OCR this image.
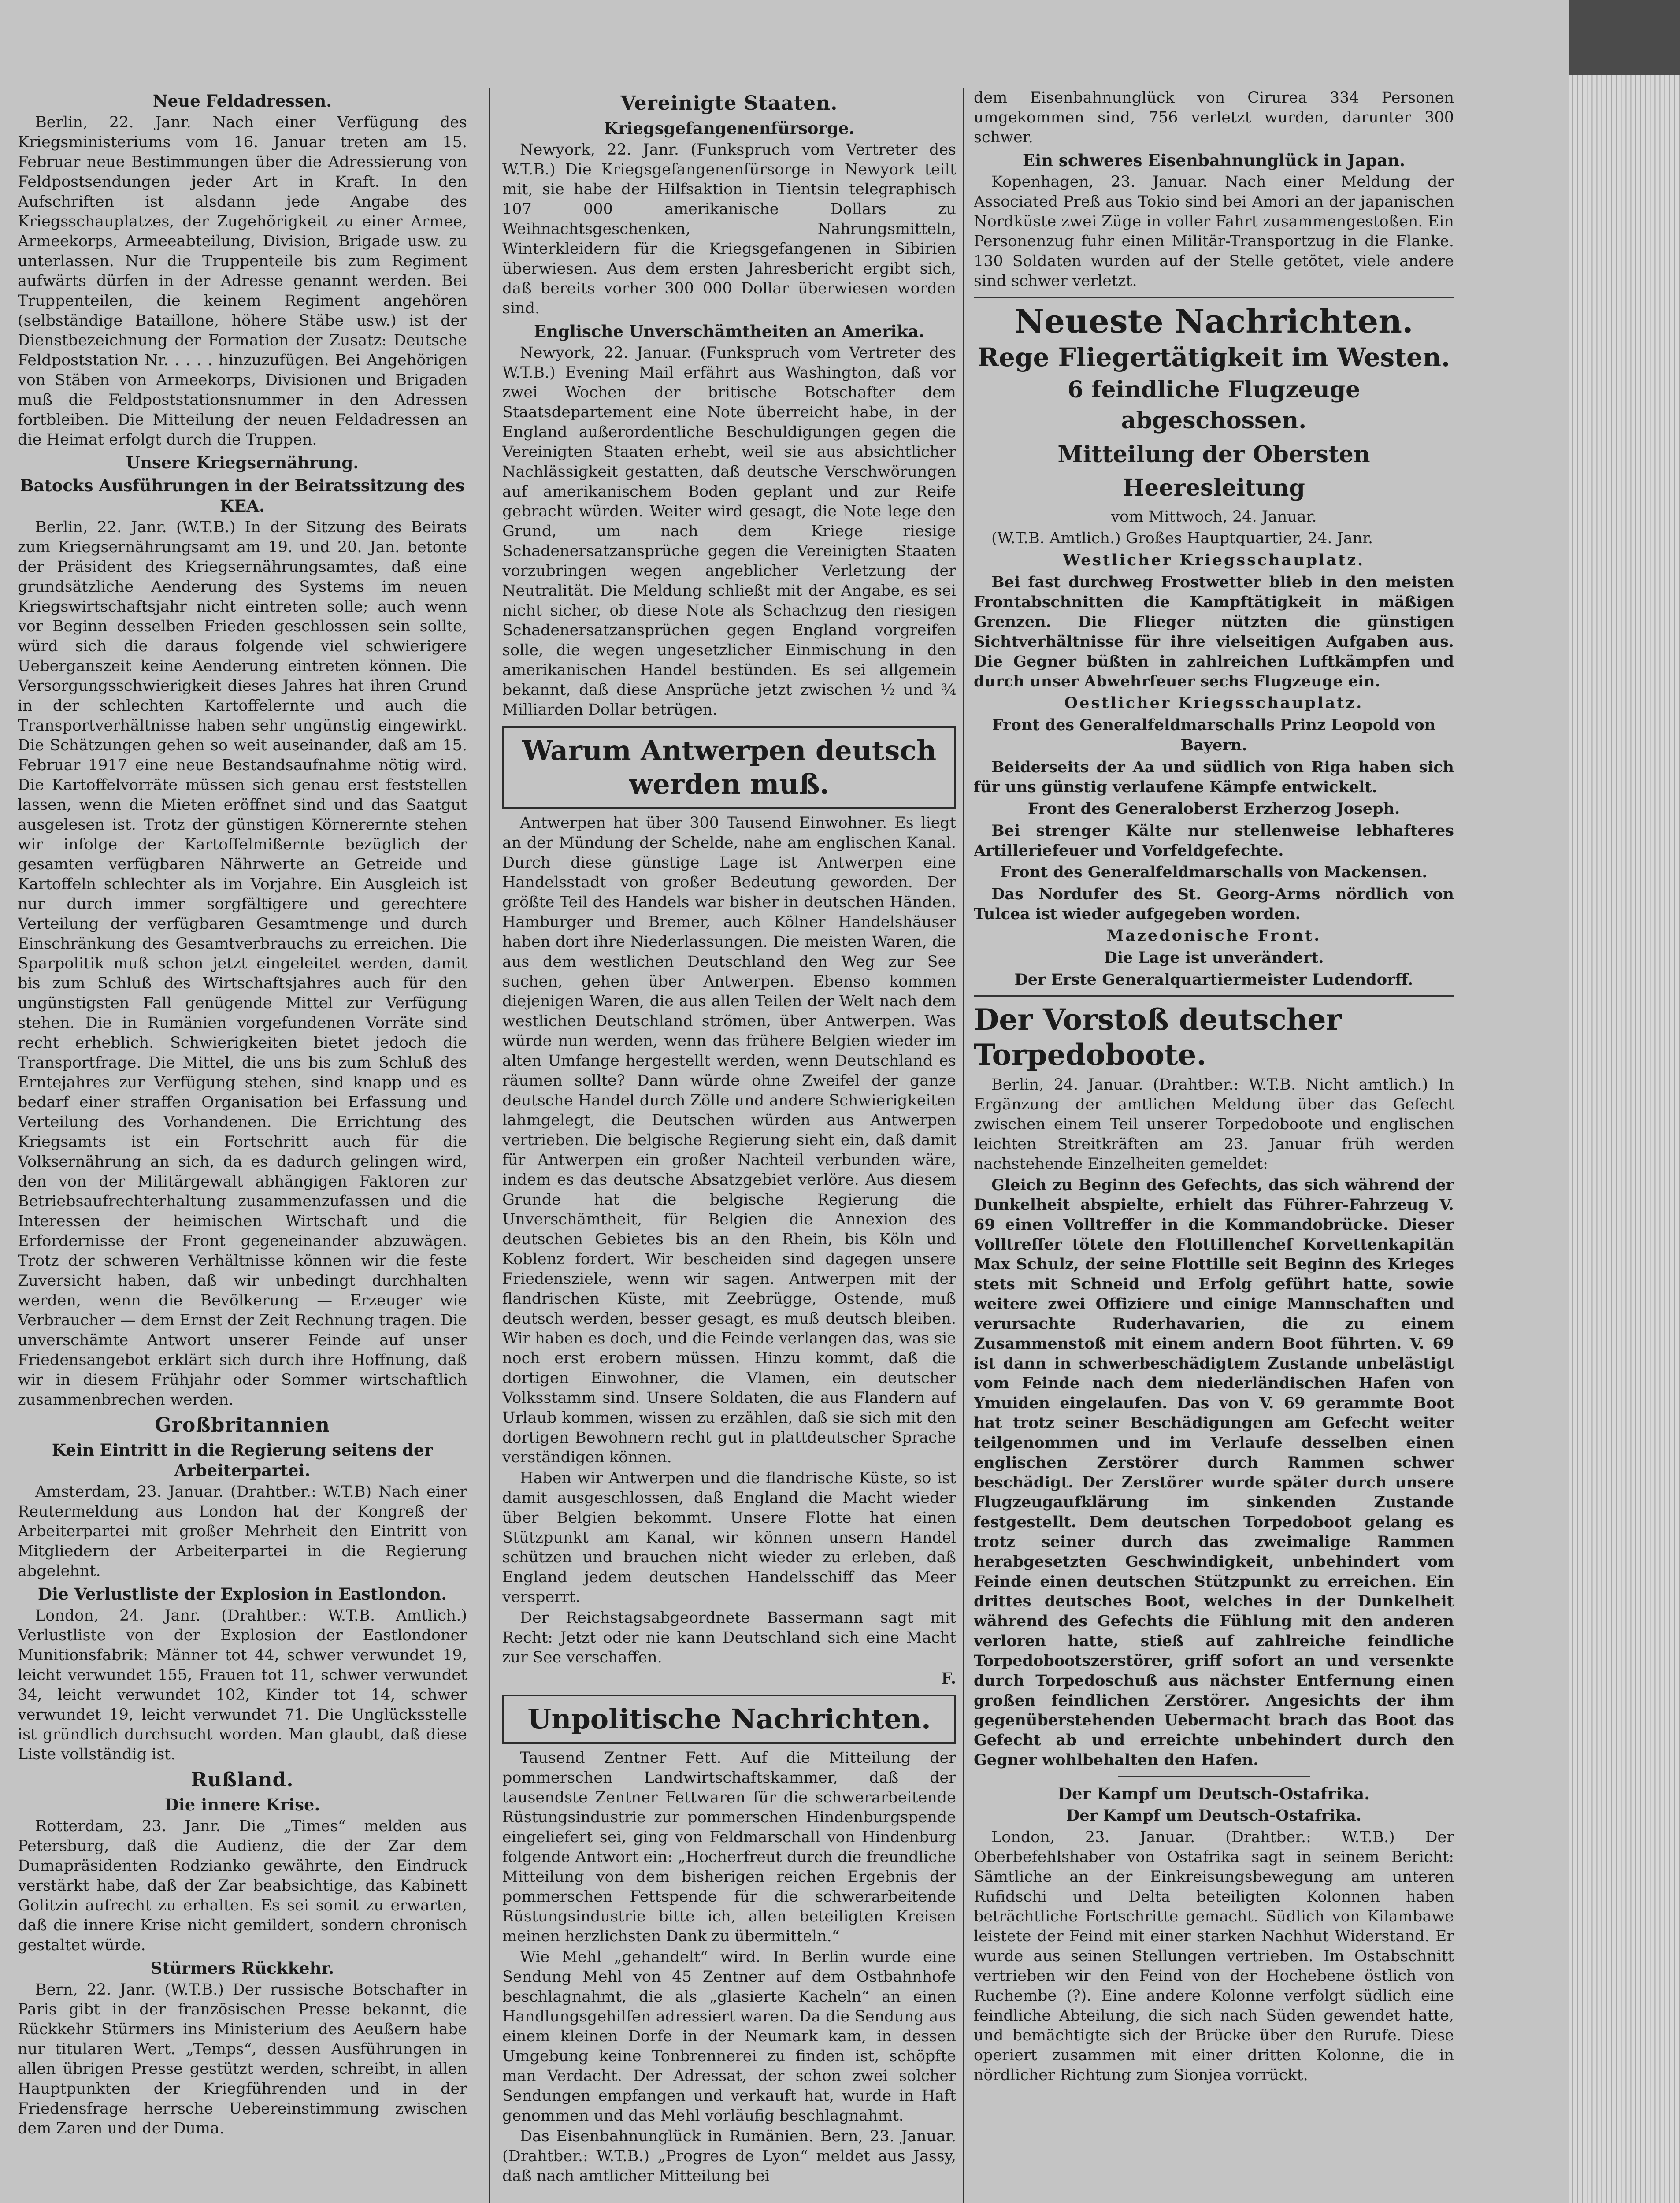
Neue Feldadressen.

Berlin, 22. Janr. Nach einer Verfügung des Kriegsministeriums vom 16. Januar treten am 15. Februar neue Bestimmungen über die Adressierung von Feldpostsendungen jeder Art in Kraft. In den Aufschriften ist alsdann jede Angabe des Kriegsschauplatzes, der Zugehörigkeit zu einer Armee, Armeekorps, Armeeabteilung, Division, Brigade usw. zu unterlassen. Nur die Truppenteile bis zum Regiment aufwärts dürfen in der Adresse genannt werden. Bei Truppenteilen, die keinem Regiment angehören (selbständige Bataillone, höhere Stäbe usw.) ist der Dienstbezeichnung der Formation der Zusatz: Deutsche Feldpoststation Nr. . . . . hinzuzufügen. Bei Angehörigen von Stäben von Armeekorps, Divisionen und Brigaden muß die Feldpoststationsnummer in den Adressen fortbleiben. Die Mitteilung der neuen Feldadressen an die Heimat erfolgt durch die Truppen.

Unsere Kriegsernährung.
Batocks Ausführungen in der Beiratssitzung des KEA.

Berlin, 22. Janr. (W.T.B.) In der Sitzung des Beirats zum Kriegsernährungsamt am 19. und 20. Jan. betonte der Präsident des Kriegsernährungsamtes, daß eine grundsätzliche Aenderung des Systems im neuen Kriegswirtschaftsjahr nicht eintreten solle; auch wenn vor Beginn desselben Frieden geschlossen sein sollte, würd sich die daraus folgende viel schwierigere Ueberganszeit keine Aenderung eintreten können. Die Versorgungsschwierigkeit dieses Jahres hat ihren Grund in der schlechten Kartoffelernte und auch die Transportverhältnisse haben sehr ungünstig eingewirkt. Die Schätzungen gehen so weit auseinander, daß am 15. Februar 1917 eine neue Bestandsaufnahme nötig wird. Die Kartoffelvorräte müssen sich genau erst feststellen lassen, wenn die Mieten eröffnet sind und das Saatgut ausgelesen ist. Trotz der günstigen Körnerernte stehen wir infolge der Kartoffelmißernte bezüglich der gesamten verfügbaren Nährwerte an Getreide und Kartoffeln schlechter als im Vorjahre. Ein Ausgleich ist nur durch immer sorgfältigere und gerechtere Verteilung der verfügbaren Gesamtmenge und durch Einschränkung des Gesamtverbrauchs zu erreichen. Die Sparpolitik muß schon jetzt eingeleitet werden, damit bis zum Schluß des Wirtschaftsjahres auch für den ungünstigsten Fall genügende Mittel zur Verfügung stehen. Die in Rumänien vorgefundenen Vorräte sind recht erheblich. Schwierigkeiten bietet jedoch die Transportfrage. Die Mittel, die uns bis zum Schluß des Erntejahres zur Verfügung stehen, sind knapp und es bedarf einer straffen Organisation bei Erfassung und Verteilung des Vorhandenen. Die Errichtung des Kriegsamts ist ein Fortschritt auch für die Volksernährung an sich, da es dadurch gelingen wird, den von der Militärgewalt abhängigen Faktoren zur Betriebsaufrechterhaltung zusammenzufassen und die Interessen der heimischen Wirtschaft und die Erfordernisse der Front gegeneinander abzuwägen. Trotz der schweren Verhältnisse können wir die feste Zuversicht haben, daß wir unbedingt durchhalten werden, wenn die Bevölkerung — Erzeuger wie Verbraucher — dem Ernst der Zeit Rechnung tragen. Die unverschämte Antwort unserer Feinde auf unser Friedensangebot erklärt sich durch ihre Hoffnung, daß wir in diesem Frühjahr oder Sommer wirtschaftlich zusammenbrechen werden.

Großbritannien
Kein Eintritt in die Regierung seitens der Arbeiterpartei.

Amsterdam, 23. Januar. (Drahtber.: W.T.B) Nach einer Reutermeldung aus London hat der Kongreß der Arbeiterpartei mit großer Mehrheit den Eintritt von Mitgliedern der Arbeiterpartei in die Regierung abgelehnt.

Die Verlustliste der Explosion in Eastlondon.

London, 24. Janr. (Drahtber.: W.T.B. Amtlich.) Verlustliste von der Explosion der Eastlondoner Munitionsfabrik: Männer tot 44, schwer verwundet 19, leicht verwundet 155, Frauen tot 11, schwer verwundet 34, leicht verwundet 102, Kinder tot 14, schwer verwundet 19, leicht verwundet 71. Die Unglücksstelle ist gründlich durchsucht worden. Man glaubt, daß diese Liste vollständig ist.

Rußland.
Die innere Krise.

Rotterdam, 23. Janr. Die „Times“ melden aus Petersburg, daß die Audienz, die der Zar dem Dumapräsidenten Rodzianko gewährte, den Eindruck verstärkt habe, daß der Zar beabsichtige, das Kabinett Golitzin aufrecht zu erhalten. Es sei somit zu erwarten, daß die innere Krise nicht gemildert, sondern chronisch gestaltet würde.

Stürmers Rückkehr.

Bern, 22. Janr. (W.T.B.) Der russische Botschafter in Paris gibt in der französischen Presse bekannt, die Rückkehr Stürmers ins Ministerium des Aeußern habe nur titularen Wert. „Temps“, dessen Ausführungen in allen übrigen Presse gestützt werden, schreibt, in allen Hauptpunkten der Kriegführenden und in der Friedensfrage herrsche Uebereinstimmung zwischen dem Zaren und der Duma.

Vereinigte Staaten.
Kriegsgefangenenfürsorge.

Newyork, 22. Janr. (Funkspruch vom Vertreter des W.T.B.) Die Kriegsgefangenenfürsorge in Newyork teilt mit, sie habe der Hilfsaktion in Tientsin telegraphisch 107 000 amerikanische Dollars zu Weihnachtsgeschenken, Nahrungsmitteln, Winterkleidern für die Kriegsgefangenen in Sibirien überwiesen. Aus dem ersten Jahresbericht ergibt sich, daß bereits vorher 300 000 Dollar überwiesen worden sind.

Englische Unverschämtheiten an Amerika.

Newyork, 22. Januar. (Funkspruch vom Vertreter des W.T.B.) Evening Mail erfährt aus Washington, daß vor zwei Wochen der britische Botschafter dem Staatsdepartement eine Note überreicht habe, in der England außerordentliche Beschuldigungen gegen die Vereinigten Staaten erhebt, weil sie aus absichtlicher Nachlässigkeit gestatten, daß deutsche Verschwörungen auf amerikanischem Boden geplant und zur Reife gebracht würden. Weiter wird gesagt, die Note lege den Grund, um nach dem Kriege riesige Schadenersatzansprüche gegen die Vereinigten Staaten vorzubringen wegen angeblicher Verletzung der Neutralität. Die Meldung schließt mit der Angabe, es sei nicht sicher, ob diese Note als Schachzug den riesigen Schadenersatzansprüchen gegen England vorgreifen solle, die wegen ungesetzlicher Einmischung in den amerikanischen Handel bestünden. Es sei allgemein bekannt, daß diese Ansprüche jetzt zwischen ½ und ¾ Milliarden Dollar betrügen.

Warum Antwerpen deutsch werden muß.

Antwerpen hat über 300 Tausend Einwohner. Es liegt an der Mündung der Schelde, nahe am englischen Kanal. Durch diese günstige Lage ist Antwerpen eine Handelsstadt von großer Bedeutung geworden. Der größte Teil des Handels war bisher in deutschen Händen. Hamburger und Bremer, auch Kölner Handelshäuser haben dort ihre Niederlassungen. Die meisten Waren, die aus dem westlichen Deutschland den Weg zur See suchen, gehen über Antwerpen. Ebenso kommen diejenigen Waren, die aus allen Teilen der Welt nach dem westlichen Deutschland strömen, über Antwerpen. Was würde nun werden, wenn das frühere Belgien wieder im alten Umfange hergestellt werden, wenn Deutschland es räumen sollte? Dann würde ohne Zweifel der ganze deutsche Handel durch Zölle und andere Schwierigkeiten lahmgelegt, die Deutschen würden aus Antwerpen vertrieben. Die belgische Regierung sieht ein, daß damit für Antwerpen ein großer Nachteil verbunden wäre, indem es das deutsche Absatzgebiet verlöre. Aus diesem Grunde hat die belgische Regierung die Unverschämtheit, für Belgien die Annexion des deutschen Gebietes bis an den Rhein, bis Köln und Koblenz fordert. Wir bescheiden sind dagegen unsere Friedensziele, wenn wir sagen. Antwerpen mit der flandrischen Küste, mit Zeebrügge, Ostende, muß deutsch werden, besser gesagt, es muß deutsch bleiben. Wir haben es doch, und die Feinde verlangen das, was sie noch erst erobern müssen. Hinzu kommt, daß die dortigen Einwohner, die Vlamen, ein deutscher Volksstamm sind. Unsere Soldaten, die aus Flandern auf Urlaub kommen, wissen zu erzählen, daß sie sich mit den dortigen Bewohnern recht gut in plattdeutscher Sprache verständigen können.

Haben wir Antwerpen und die flandrische Küste, so ist damit ausgeschlossen, daß England die Macht wieder über Belgien bekommt. Unsere Flotte hat einen Stützpunkt am Kanal, wir können unsern Handel schützen und brauchen nicht wieder zu erleben, daß England jedem deutschen Handelsschiff das Meer versperrt.

Der Reichstagsabgeordnete Bassermann sagt mit Recht: Jetzt oder nie kann Deutschland sich eine Macht zur See verschaffen.

F.

Unpolitische Nachrichten.

Tausend Zentner Fett. Auf die Mitteilung der pommerschen Landwirtschaftskammer, daß der tausendste Zentner Fettwaren für die schwerarbeitende Rüstungsindustrie zur pommerschen Hindenburgspende eingeliefert sei, ging von Feldmarschall von Hindenburg folgende Antwort ein: „Hocherfreut durch die freundliche Mitteilung von dem bisherigen reichen Ergebnis der pommerschen Fettspende für die schwerarbeitende Rüstungsindustrie bitte ich, allen beteiligten Kreisen meinen herzlichsten Dank zu übermitteln.“

Wie Mehl „gehandelt“ wird. In Berlin wurde eine Sendung Mehl von 45 Zentner auf dem Ostbahnhofe beschlagnahmt, die als „glasierte Kacheln“ an einen Handlungsgehilfen adressiert waren. Da die Sendung aus einem kleinen Dorfe in der Neumark kam, in dessen Umgebung keine Tonbrennerei zu finden ist, schöpfte man Verdacht. Der Adressat, der schon zwei solcher Sendungen empfangen und verkauft hat, wurde in Haft genommen und das Mehl vorläufig beschlagnahmt.

Das Eisenbahnunglück in Rumänien. Bern, 23. Januar. (Drahtber.: W.T.B.) „Progres de Lyon“ meldet aus Jassy, daß nach amtlicher Mitteilung bei

dem Eisenbahnunglück von Cirurea 334 Personen umgekommen sind, 756 verletzt wurden, darunter 300 schwer.

Ein schweres Eisenbahnunglück in Japan.

Kopenhagen, 23. Januar. Nach einer Meldung der Associated Preß aus Tokio sind bei Amori an der japanischen Nordküste zwei Züge in voller Fahrt zusammengestoßen. Ein Personenzug fuhr einen Militär-Transportzug in die Flanke. 130 Soldaten wurden auf der Stelle getötet, viele andere sind schwer verletzt.

Neueste Nachrichten.
Rege Fliegertätigkeit im Westen.
6 feindliche Flugzeuge abgeschossen.
Mitteilung der Obersten Heeresleitung
vom Mittwoch, 24. Januar.

(W.T.B. Amtlich.) Großes Hauptquartier, 24. Janr.

Westlicher Kriegsschauplatz.

Bei fast durchweg Frostwetter blieb in den meisten Frontabschnitten die Kampftätigkeit in mäßigen Grenzen. Die Flieger nützten die günstigen Sichtverhältnisse für ihre vielseitigen Aufgaben aus. Die Gegner büßten in zahlreichen Luftkämpfen und durch unser Abwehrfeuer sechs Flugzeuge ein.

Oestlicher Kriegsschauplatz.
Front des Generalfeldmarschalls Prinz Leopold von Bayern.

Beiderseits der Aa und südlich von Riga haben sich für uns günstig verlaufene Kämpfe entwickelt.

Front des Generaloberst Erzherzog Joseph.

Bei strenger Kälte nur stellenweise lebhafteres Artilleriefeuer und Vorfeldgefechte.

Front des Generalfeldmarschalls von Mackensen.

Das Nordufer des St. Georg-Arms nördlich von Tulcea ist wieder aufgegeben worden.

Mazedonische Front.
Die Lage ist unverändert.
Der Erste Generalquartiermeister Ludendorff.
Der Vorstoß deutscher Torpedoboote.

Berlin, 24. Januar. (Drahtber.: W.T.B. Nicht amtlich.) In Ergänzung der amtlichen Meldung über das Gefecht zwischen einem Teil unserer Torpedoboote und englischen leichten Streitkräften am 23. Januar früh werden nachstehende Einzelheiten gemeldet:

Gleich zu Beginn des Gefechts, das sich während der Dunkelheit abspielte, erhielt das Führer-Fahrzeug V. 69 einen Volltreffer in die Kommandobrücke. Dieser Volltreffer tötete den Flottillenchef Korvettenkapitän Max Schulz, der seine Flottille seit Beginn des Krieges stets mit Schneid und Erfolg geführt hatte, sowie weitere zwei Offiziere und einige Mannschaften und verursachte Ruderhavarien, die zu einem Zusammenstoß mit einem andern Boot führten. V. 69 ist dann in schwerbeschädigtem Zustande unbelästigt vom Feinde nach dem niederländischen Hafen von Ymuiden eingelaufen. Das von V. 69 gerammte Boot hat trotz seiner Beschädigungen am Gefecht weiter teilgenommen und im Verlaufe desselben einen englischen Zerstörer durch Rammen schwer beschädigt. Der Zerstörer wurde später durch unsere Flugzeugaufklärung im sinkenden Zustande festgestellt. Dem deutschen Torpedoboot gelang es trotz seiner durch das zweimalige Rammen herabgesetzten Geschwindigkeit, unbehindert vom Feinde einen deutschen Stützpunkt zu erreichen. Ein drittes deutsches Boot, welches in der Dunkelheit während des Gefechts die Fühlung mit den anderen verloren hatte, stieß auf zahlreiche feindliche Torpedobootszerstörer, griff sofort an und versenkte durch Torpedoschuß aus nächster Entfernung einen großen feindlichen Zerstörer. Angesichts der ihm gegenüberstehenden Uebermacht brach das Boot das Gefecht ab und erreichte unbehindert durch den Gegner wohlbehalten den Hafen.

Der Kampf um Deutsch-Ostafrika.
Der Kampf um Deutsch-Ostafrika.

London, 23. Januar. (Drahtber.: W.T.B.) Der Oberbefehlshaber von Ostafrika sagt in seinem Bericht: Sämtliche an der Einkreisungsbewegung am unteren Rufidschi und Delta beteiligten Kolonnen haben beträchtliche Fortschritte gemacht. Südlich von Kilambawe leistete der Feind mit einer starken Nachhut Widerstand. Er wurde aus seinen Stellungen vertrieben. Im Ostabschnitt vertrieben wir den Feind von der Hochebene östlich von Ruchembe (?). Eine andere Kolonne verfolgt südlich eine feindliche Abteilung, die sich nach Süden gewendet hatte, und bemächtigte sich der Brücke über den Rurufe. Diese operiert zusammen mit einer dritten Kolonne, die in nördlicher Richtung zum Sionjea vorrückt.
